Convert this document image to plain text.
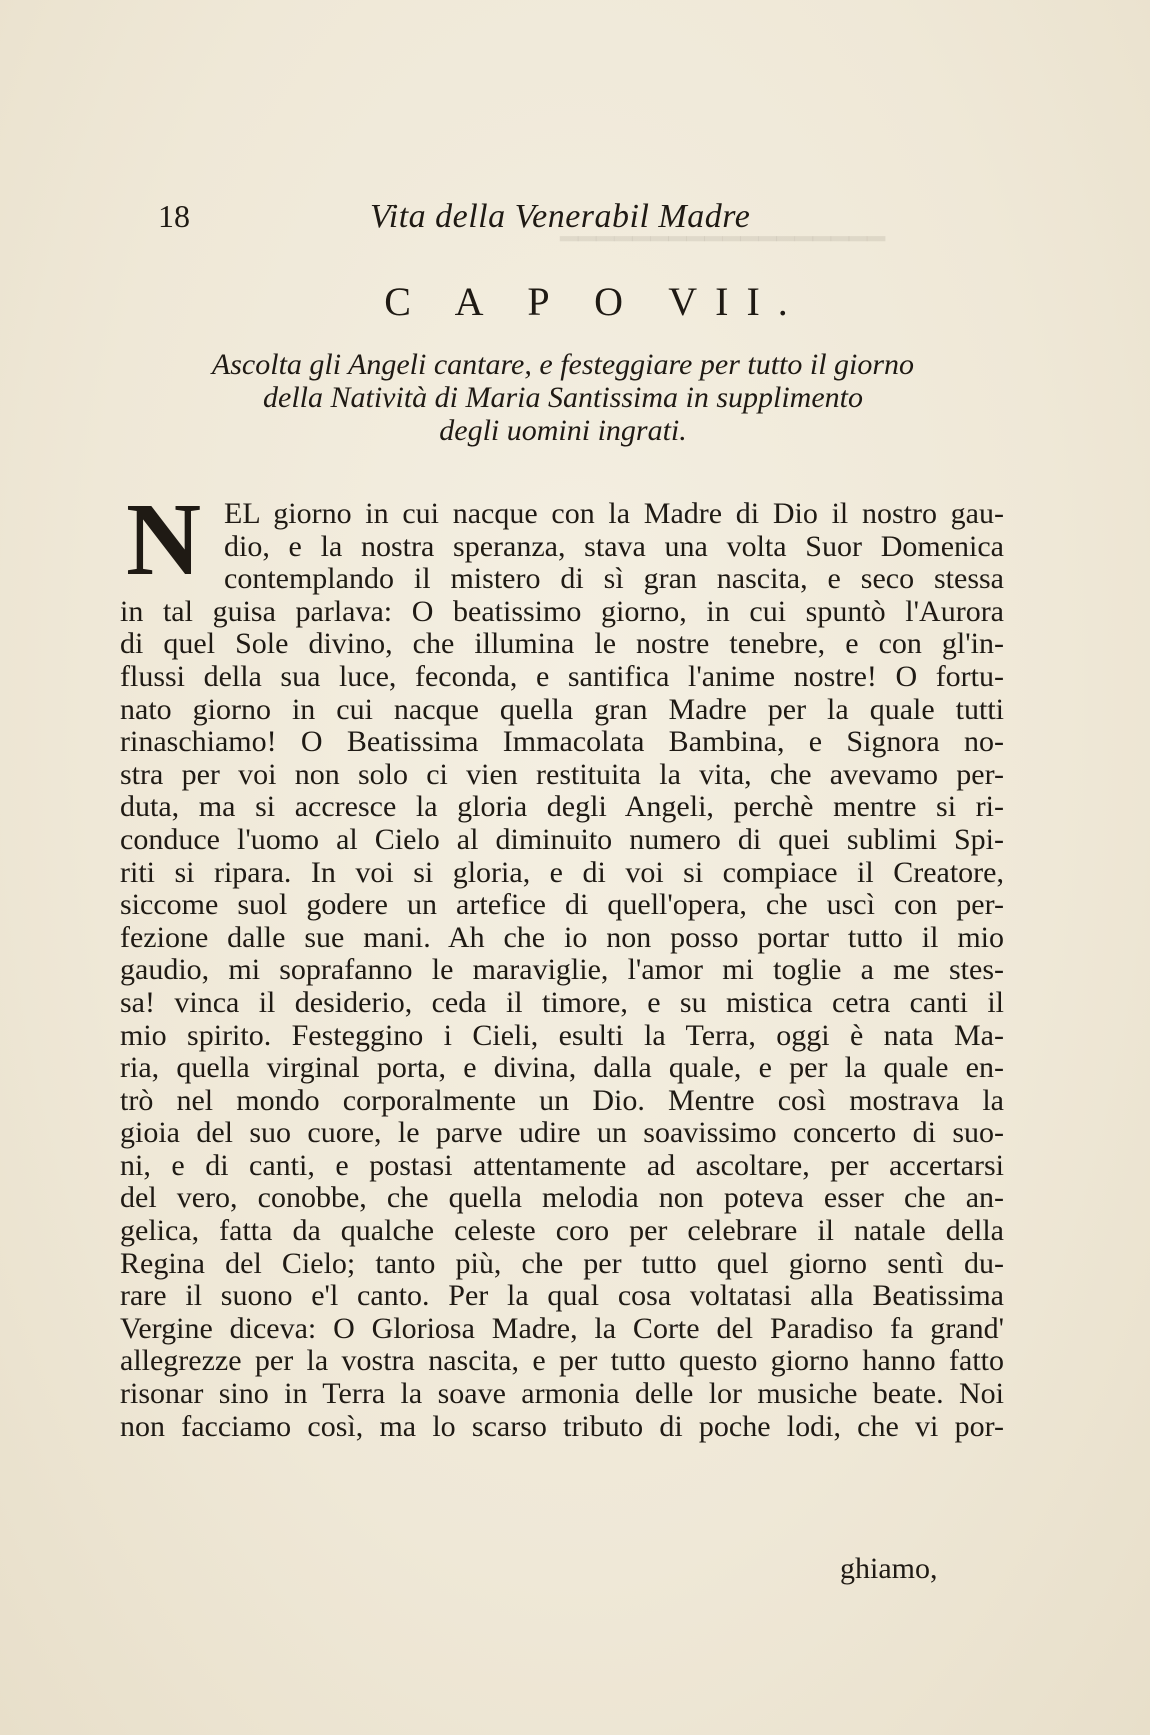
━━━━━━━━━━━━━━━━━━
18	Vita della Venerabil Madre
C A P O VII.
Ascolta gli Angeli cantare, e festeggiare per tutto il giorno
della Natività di Maria Santissima in supplimento
degli uomini ingrati.
N EL giorno in cui nacque con la Madre di Dio il nostro gau-
dio, e la nostra speranza, stava una volta Suor Domenica
contemplando il mistero di sì gran nascita, e seco stessa
in tal guisa parlava: O beatissimo giorno, in cui spuntò l'Aurora
di quel Sole divino, che illumina le nostre tenebre, e con gl'in-
flussi della sua luce, feconda, e santifica l'anime nostre! O fortu-
nato giorno in cui nacque quella gran Madre per la quale tutti
rinaschiamo! O Beatissima Immacolata Bambina, e Signora no-
stra per voi non solo ci vien restituita la vita, che avevamo per-
duta, ma si accresce la gloria degli Angeli, perchè mentre si ri-
conduce l'uomo al Cielo al diminuito numero di quei sublimi Spi-
riti si ripara. In voi si gloria, e di voi si compiace il Creatore,
siccome suol godere un artefice di quell'opera, che uscì con per-
fezione dalle sue mani. Ah che io non posso portar tutto il mio
gaudio, mi soprafanno le maraviglie, l'amor mi toglie a me stes-
sa! vinca il desiderio, ceda il timore, e su mistica cetra canti il
mio spirito. Festeggino i Cieli, esulti la Terra, oggi è nata Ma-
ria, quella virginal porta, e divina, dalla quale, e per la quale en-
trò nel mondo corporalmente un Dio. Mentre così mostrava la
gioia del suo cuore, le parve udire un soavissimo concerto di suo-
ni, e di canti, e postasi attentamente ad ascoltare, per accertarsi
del vero, conobbe, che quella melodia non poteva esser che an-
gelica, fatta da qualche celeste coro per celebrare il natale della
Regina del Cielo; tanto più, che per tutto quel giorno sentì du-
rare il suono e'l canto. Per la qual cosa voltatasi alla Beatissima
Vergine diceva: O Gloriosa Madre, la Corte del Paradiso fa grand'
allegrezze per la vostra nascita, e per tutto questo giorno hanno fatto
risonar sino in Terra la soave armonia delle lor musiche beate. Noi
non facciamo così, ma lo scarso tributo di poche lodi, che vi por-
ghiamo,
